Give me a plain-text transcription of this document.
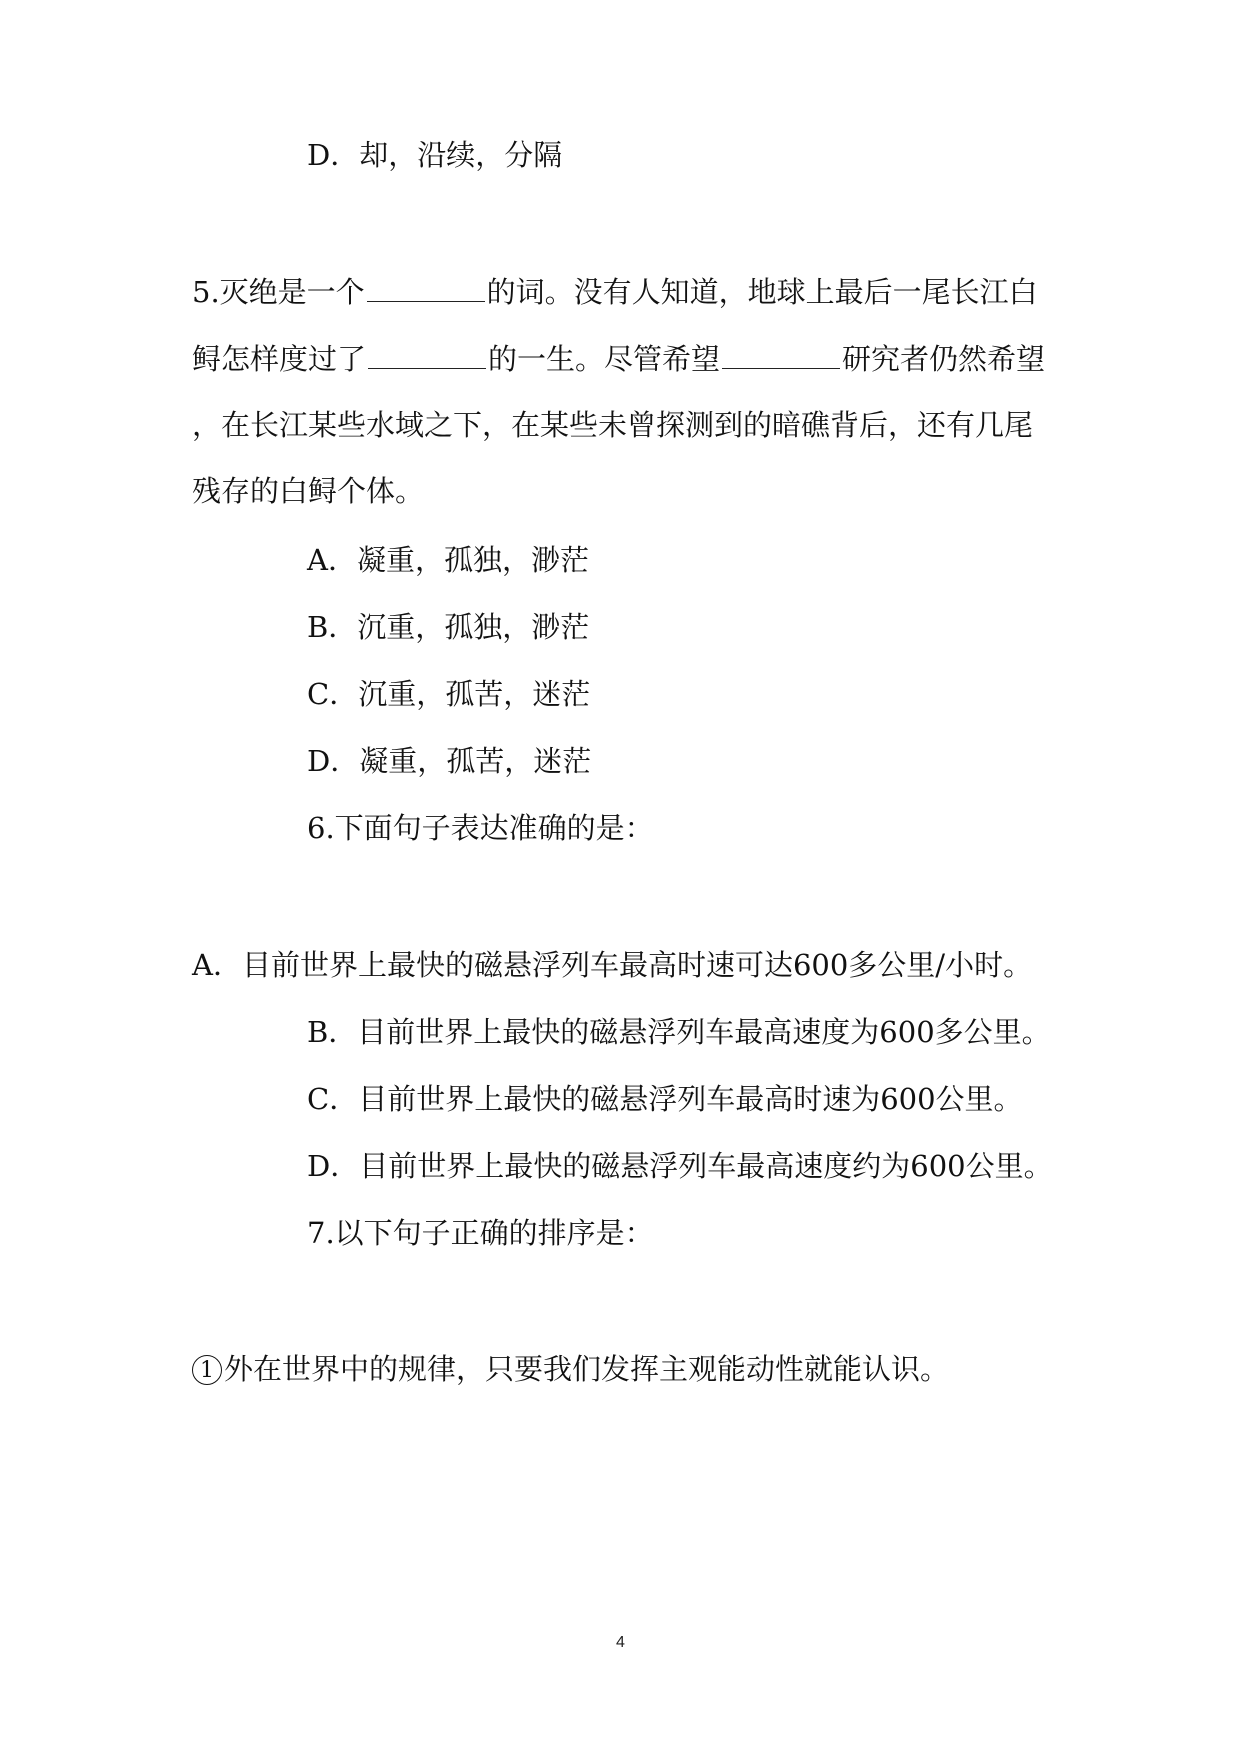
D．却，沿续，分隔
5.灭绝是一个	的词。没有人知道，地球上最后一尾长江白
鲟怎样度过了	的一生。尽管希望	研究者仍然希望
，在长江某些水域之下，在某些未曾探测到的暗礁背后，还有几尾
残存的白鲟个体。
A．凝重，孤独，渺茫
B．沉重，孤独，渺茫
C．沉重，孤苦，迷茫
D．凝重，孤苦，迷茫
6.下面句子表达准确的是：
A．目前世界上最快的磁悬浮列车最高时速可达600多公里/小时。
B．目前世界上最快的磁悬浮列车最高速度为600多公里。
C．目前世界上最快的磁悬浮列车最高时速为600公里。
D．目前世界上最快的磁悬浮列车最高速度约为600公里。
7.以下句子正确的排序是：
1 外在世界中的规律，只要我们发挥主观能动性就能认识。
4
